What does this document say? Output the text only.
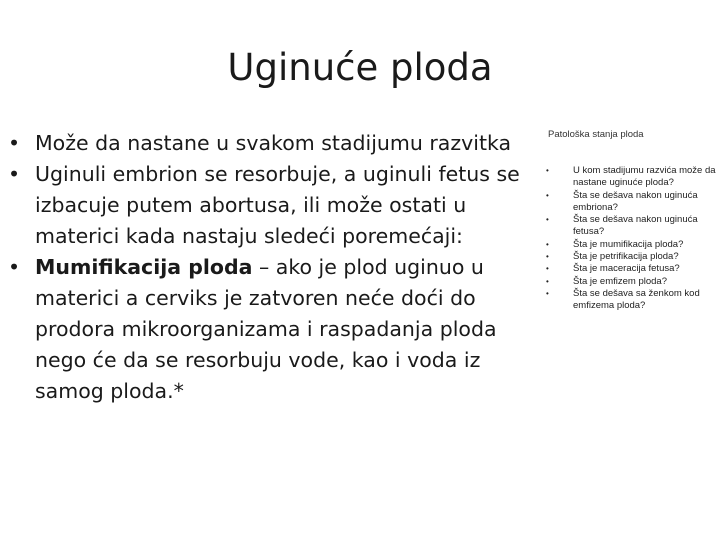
Uginuće ploda
• Može da nastane u svakom stadijumu razvitka
• Uginuli embrion se resorbuje, a uginuli fetus se izbacuje putem abortusa, ili može ostati u materici kada nastaju sledeći poremećaji:
• Mumifikacija ploda – ako je plod uginuo u materici a cerviks je zatvoren neće doći do prodora mikroorganizama i raspadanja ploda nego će da se resorbuju vode, kao i voda iz samog ploda.*
Patološka stanja ploda
•	U kom stadijumu razvića može da nastane uginuće ploda?
•	Šta se dešava nakon uginuća embriona?
•	Šta se dešava nakon uginuća fetusa?
•	Šta je mumifikacija ploda?
•	Šta je petrifikacija ploda?
•	Šta je maceracija fetusa?
•	Šta je emfizem ploda?
•	Šta se dešava sa ženkom kod emfizema ploda?
